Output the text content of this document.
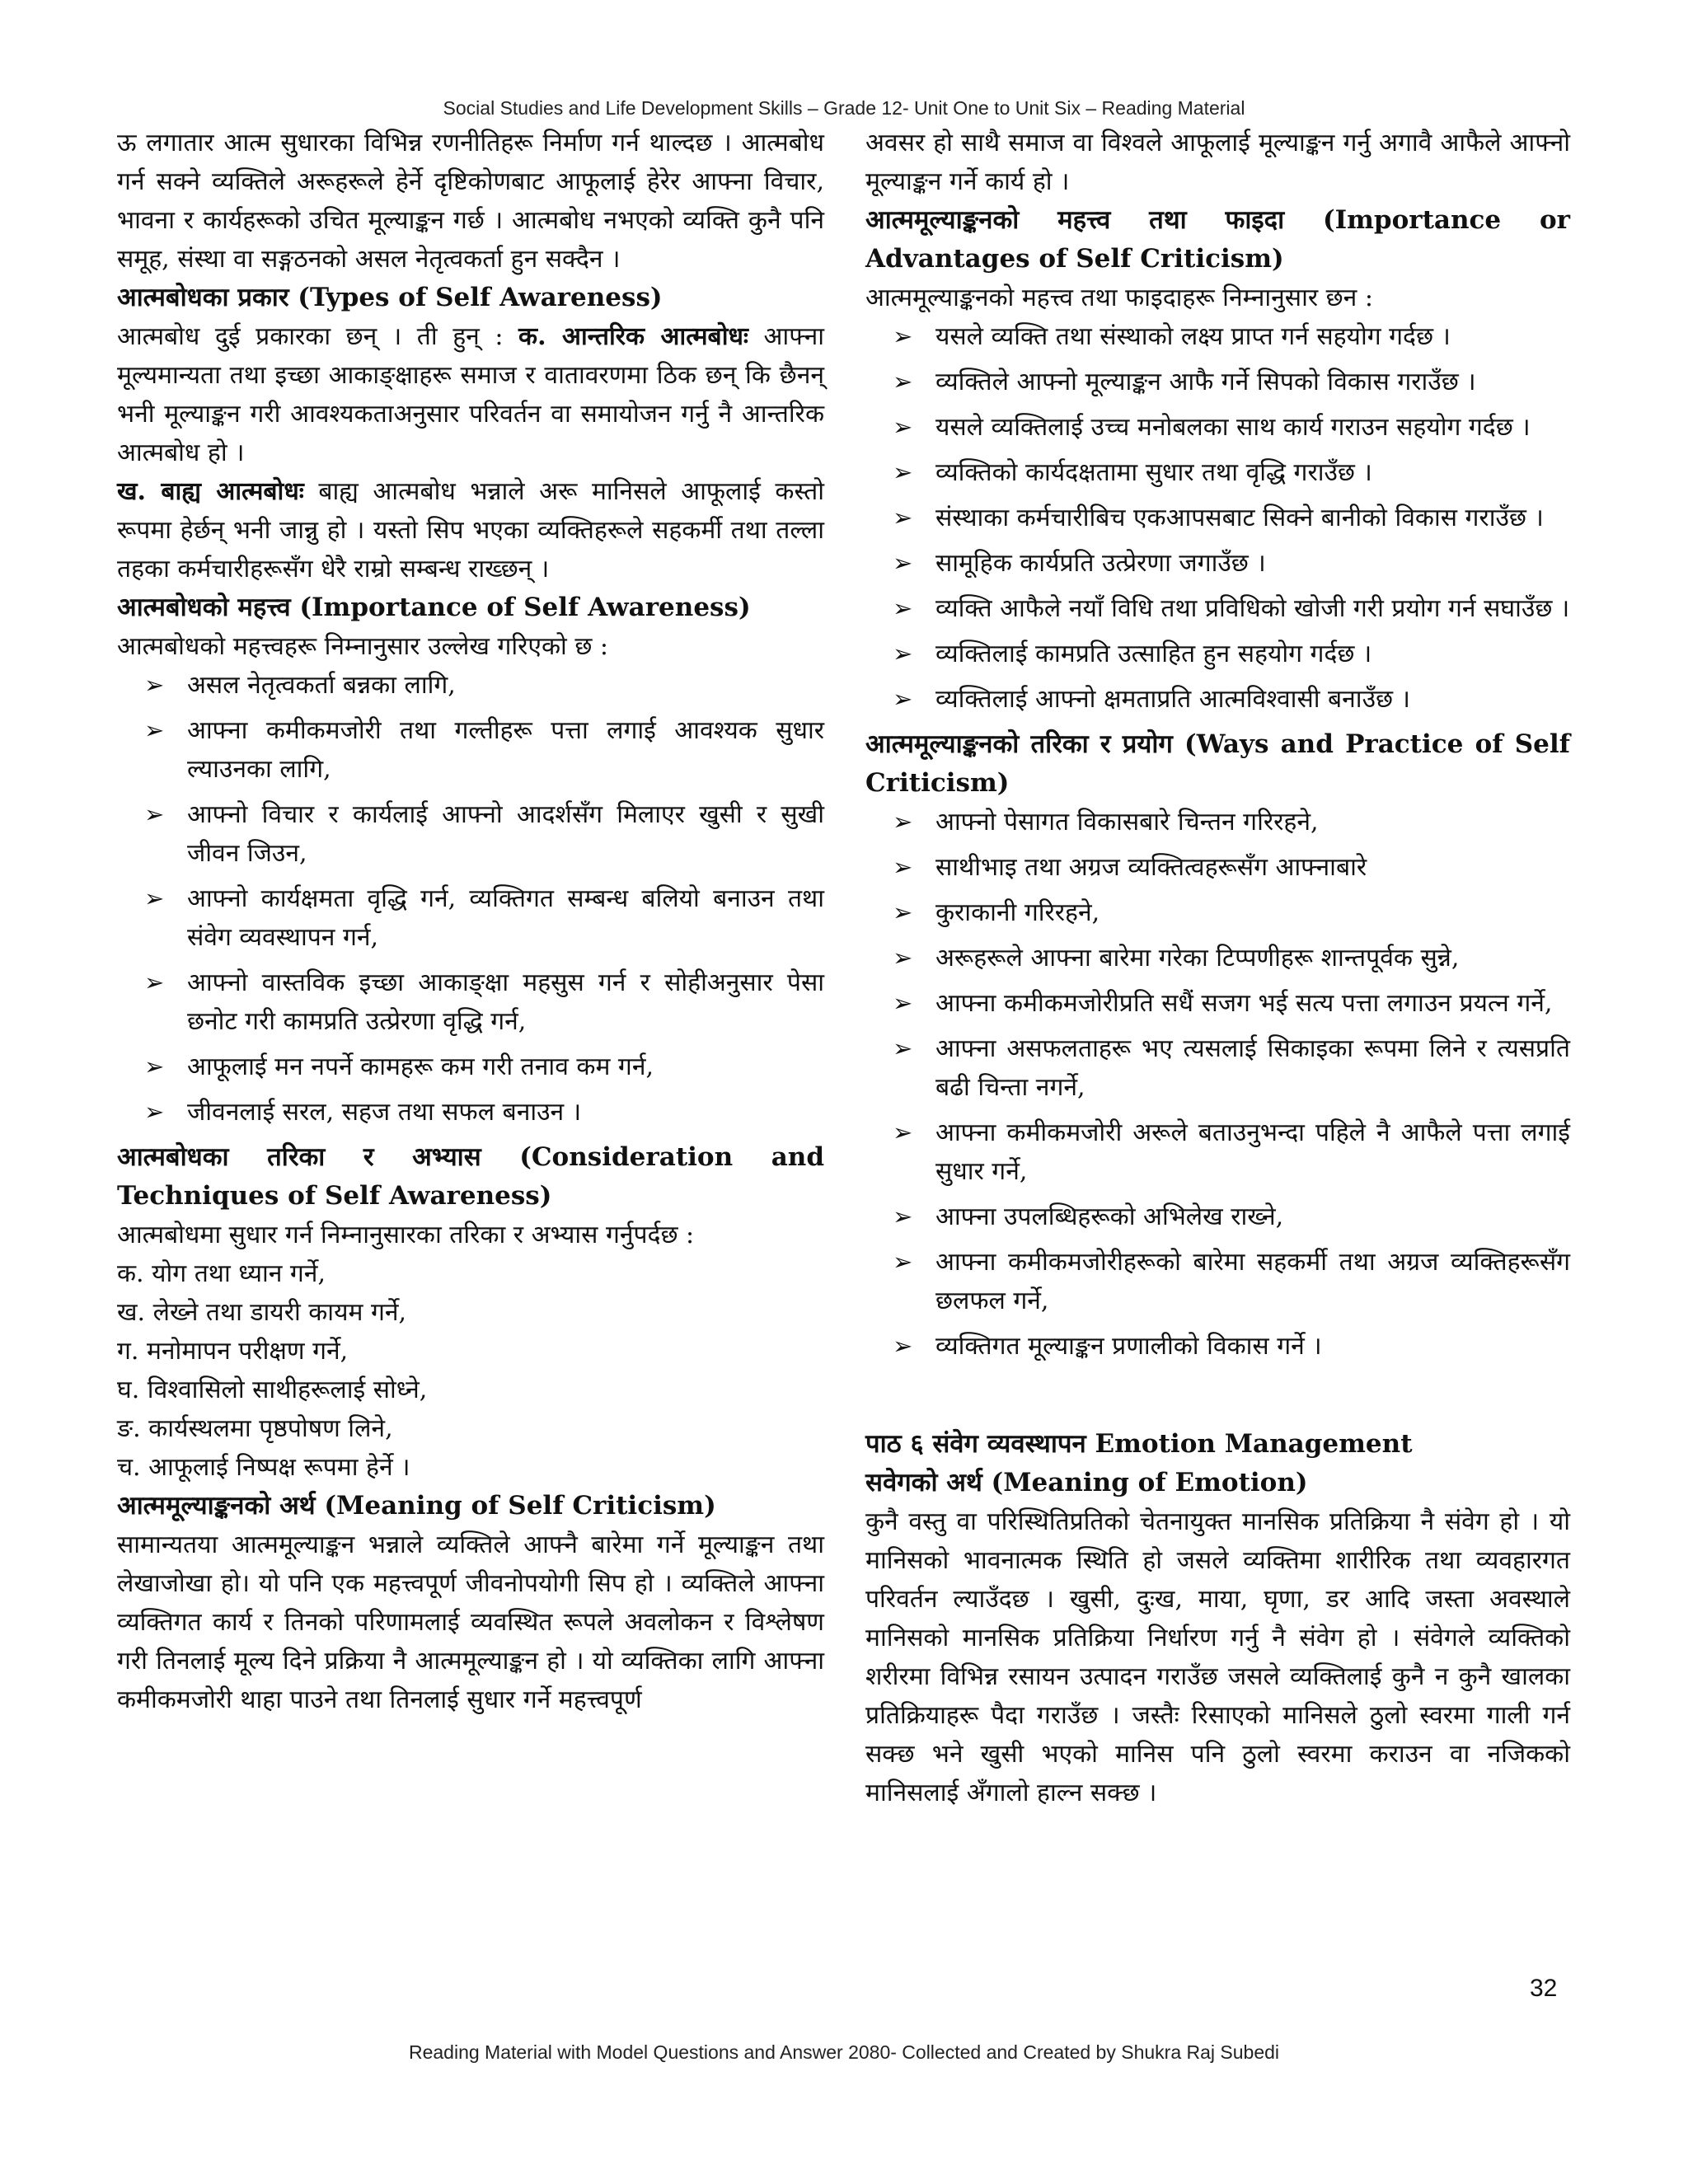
Social Studies and Life Development Skills – Grade 12- Unit One to Unit Six – Reading Material

ऊ लगातार आत्म सुधारका विभिन्न रणनीतिहरू निर्माण गर्न थाल्दछ । आत्मबोध गर्न सक्ने व्यक्तिले अरूहरूले हेर्ने दृष्टिकोणबाट आफूलाई हेरेर आफ्ना विचार, भावना र कार्यहरूको उचित मूल्याङ्कन गर्छ । आत्मबोध नभएको व्यक्ति कुनै पनि समूह, संस्था वा सङ्गठनको असल नेतृत्वकर्ता हुन सक्दैन ।

आत्मबोधका प्रकार (Types of Self Awareness)

आत्मबोध दुई प्रकारका छन् । ती हुन् : क. आन्तरिक आत्मबोधः आफ्ना मूल्यमान्यता तथा इच्छा आकाङ्क्षाहरू समाज र वातावरणमा ठिक छन् कि छैनन् भनी मूल्याङ्कन गरी आवश्यकताअनुसार परिवर्तन वा समायोजन गर्नु नै आन्तरिक आत्मबोध हो ।

ख. बाह्य आत्मबोधः बाह्य आत्मबोध भन्नाले अरू मानिसले आफूलाई कस्तो रूपमा हेर्छन् भनी जान्नु हो । यस्तो सिप भएका व्यक्तिहरूले सहकर्मी तथा तल्ला तहका कर्मचारीहरूसँग धेरै राम्रो सम्बन्ध राख्छन् ।

आत्मबोधको महत्त्व (Importance of Self Awareness)

आत्मबोधको महत्त्वहरू निम्नानुसार उल्लेख गरिएको छ :

➢ असल नेतृत्वकर्ता बन्नका लागि,
➢ आफ्ना कमीकमजोरी तथा गल्तीहरू पत्ता लगाई आवश्यक सुधार ल्याउनका लागि,
➢ आफ्नो विचार र कार्यलाई आफ्नो आदर्शसँग मिलाएर खुसी र सुखी जीवन जिउन,
➢ आफ्नो कार्यक्षमता वृद्धि गर्न, व्यक्तिगत सम्बन्ध बलियो बनाउन तथा संवेग व्यवस्थापन गर्न,
➢ आफ्नो वास्तविक इच्छा आकाङ्क्षा महसुस गर्न र सोहीअनुसार पेसा छनोट गरी कामप्रति उत्प्रेरणा वृद्धि गर्न,
➢ आफूलाई मन नपर्ने कामहरू कम गरी तनाव कम गर्न,
➢ जीवनलाई सरल, सहज तथा सफल बनाउन ।

आत्मबोधका तरिका र अभ्यास (Consideration and Techniques of Self Awareness)

आत्मबोधमा सुधार गर्न निम्नानुसारका तरिका र अभ्यास गर्नुपर्दछ :

क. योग तथा ध्यान गर्ने,

ख. लेख्ने तथा डायरी कायम गर्ने,

ग. मनोमापन परीक्षण गर्ने,

घ. विश्वासिलो साथीहरूलाई सोध्ने,

ङ. कार्यस्थलमा पृष्ठपोषण लिने,

च. आफूलाई निष्पक्ष रूपमा हेर्ने ।

आत्ममूल्याङ्कनको अर्थ (Meaning of Self Criticism)

सामान्यतया आत्ममूल्याङ्कन भन्नाले व्यक्तिले आफ्नै बारेमा गर्ने मूल्याङ्कन तथा लेखाजोखा हो। यो पनि एक महत्त्वपूर्ण जीवनोपयोगी सिप हो । व्यक्तिले आफ्ना व्यक्तिगत कार्य र तिनको परिणामलाई व्यवस्थित रूपले अवलोकन र विश्लेषण गरी तिनलाई मूल्य दिने प्रक्रिया नै आत्ममूल्याङ्कन हो । यो व्यक्तिका लागि आफ्ना कमीकमजोरी थाहा पाउने तथा तिनलाई सुधार गर्ने महत्त्वपूर्ण

अवसर हो साथै समाज वा विश्वले आफूलाई मूल्याङ्कन गर्नु अगावै आफैले आफ्नो मूल्याङ्कन गर्ने कार्य हो ।

आत्ममूल्याङ्कनको महत्त्व तथा फाइदा (Importance or Advantages of Self Criticism)

आत्ममूल्याङ्कनको महत्त्व तथा फाइदाहरू निम्नानुसार छन :

➢ यसले व्यक्ति तथा संस्थाको लक्ष्य प्राप्त गर्न सहयोग गर्दछ ।
➢ व्यक्तिले आफ्नो मूल्याङ्कन आफै गर्ने सिपको विकास गराउँछ ।
➢ यसले व्यक्तिलाई उच्च मनोबलका साथ कार्य गराउन सहयोग गर्दछ ।
➢ व्यक्तिको कार्यदक्षतामा सुधार तथा वृद्धि गराउँछ ।
➢ संस्थाका कर्मचारीबिच एकआपसबाट सिक्ने बानीको विकास गराउँछ ।
➢ सामूहिक कार्यप्रति उत्प्रेरणा जगाउँछ ।
➢ व्यक्ति आफैले नयाँ विधि तथा प्रविधिको खोजी गरी प्रयोग गर्न सघाउँछ ।
➢ व्यक्तिलाई कामप्रति उत्साहित हुन सहयोग गर्दछ ।
➢ व्यक्तिलाई आफ्नो क्षमताप्रति आत्मविश्वासी बनाउँछ ।

आत्ममूल्याङ्कनको तरिका र प्रयोग (Ways and Practice of Self Criticism)

➢ आफ्नो पेसागत विकासबारे चिन्तन गरिरहने,
➢ साथीभाइ तथा अग्रज व्यक्तित्वहरूसँग आफ्नाबारे
➢ कुराकानी गरिरहने,
➢ अरूहरूले आफ्ना बारेमा गरेका टिप्पणीहरू शान्तपूर्वक सुन्ने,
➢ आफ्ना कमीकमजोरीप्रति सधैं सजग भई सत्य पत्ता लगाउन प्रयत्न गर्ने,
➢ आफ्ना असफलताहरू भए त्यसलाई सिकाइका रूपमा लिने र त्यसप्रति बढी चिन्ता नगर्ने,
➢ आफ्ना कमीकमजोरी अरूले बताउनुभन्दा पहिले नै आफैले पत्ता लगाई सुधार गर्ने,
➢ आफ्ना उपलब्धिहरूको अभिलेख राख्ने,
➢ आफ्ना कमीकमजोरीहरूको बारेमा सहकर्मी तथा अग्रज व्यक्तिहरूसँग छलफल गर्ने,
➢ व्यक्तिगत मूल्याङ्कन प्रणालीको विकास गर्ने ।

पाठ ६ संवेग व्यवस्थापन Emotion Management

सवेगको अर्थ (Meaning of Emotion)

कुनै वस्तु वा परिस्थितिप्रतिको चेतनायुक्त मानसिक प्रतिक्रिया नै संवेग हो । यो मानिसको भावनात्मक स्थिति हो जसले व्यक्तिमा शारीरिक तथा व्यवहारगत परिवर्तन ल्याउँदछ । खुसी, दुःख, माया, घृणा, डर आदि जस्ता अवस्थाले मानिसको मानसिक प्रतिक्रिया निर्धारण गर्नु नै संवेग हो । संवेगले व्यक्तिको शरीरमा विभिन्न रसायन उत्पादन गराउँछ जसले व्यक्तिलाई कुनै न कुनै खालका प्रतिक्रियाहरू पैदा गराउँछ । जस्तैः रिसाएको मानिसले ठुलो स्वरमा गाली गर्न सक्छ भने खुसी भएको मानिस पनि ठुलो स्वरमा कराउन वा नजिकको मानिसलाई अँगालो हाल्न सक्छ ।

32
Reading Material with Model Questions and Answer 2080- Collected and Created by Shukra Raj Subedi
